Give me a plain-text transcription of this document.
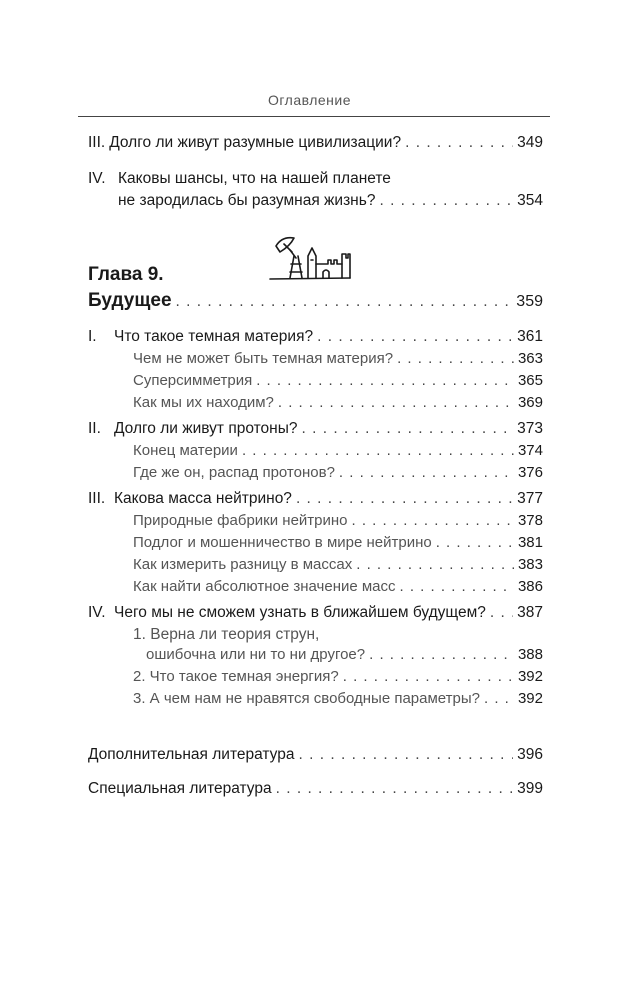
Оглавление
III. Долго ли живут разумные цивилизации? . . .	349
Каковы шансы, что на нашей планете
IV.
не зародилась бы разумная жизнь? . . .	354
Глава 9.
Будущее . . .	359
I.	Что такое темная материя? . . .	361
Чем не может быть темная материя? . . .	363
Суперсимметрия . . .	365
Как мы их находим? . . .	369
II. Долго ли живут протоны? . . .	373
Конец материи . . .	374
Где же он, распад протонов? . . .	376
III. Какова масса нейтрино? . . .	377
Природные фабрики нейтрино . . .	378
Подлог и мошенничество в мире нейтрино . . .	381
Как измерить разницу в массах . . .	383
Как найти абсолютное значение масс . . .	386
IV. Чего мы не сможем узнать в ближайшем будущем? . . . 387
1. Верна ли теория струн,
ошибочна или ни то ни другое? . . .	388
2. Что такое темная энергия? . . .	392
3. А чем нам не нравятся свободные параметры? . . .	392
Дополнительная литература . . .	396
Специальная литература . . .	399
